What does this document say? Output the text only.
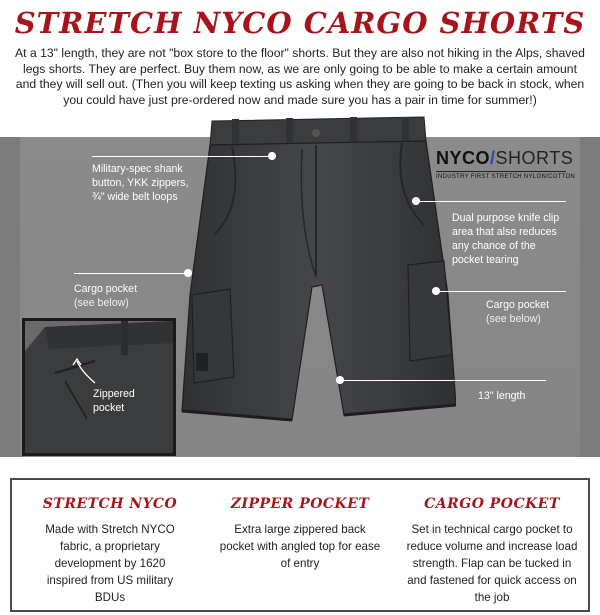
STRETCH NYCO CARGO SHORTS
At a 13" length, they are not "box store to the floor" shorts. But they are also not hiking in the Alps, shaved legs shorts. They are perfect. Buy them now, as we are only going to be able to make a certain amount and they will sell out. (Then you will keep texting us asking when they are going to be back in stock, when you could have just pre-ordered now and made sure you has a pair in time for summer!)
NYCO/SHORTS
INDUSTRY FIRST STRETCH NYLON/COTTON
Military-spec shank
button, YKK zippers,
¾" wide belt loops
Cargo pocket
(see below)
Dual purpose knife clip
area that also reduces
any chance of the
pocket tearing
Cargo pocket
(see below)
13" length
Zippered
pocket
STRETCH NYCO

Made with Stretch NYCO fabric, a proprietary development by 1620 inspired from US military BDUs

ZIPPER POCKET

Extra large zippered back pocket with angled top for ease of entry

CARGO POCKET

Set in technical cargo pocket to reduce volume and increase load strength. Flap can be tucked in and fastened for quick access on the job
